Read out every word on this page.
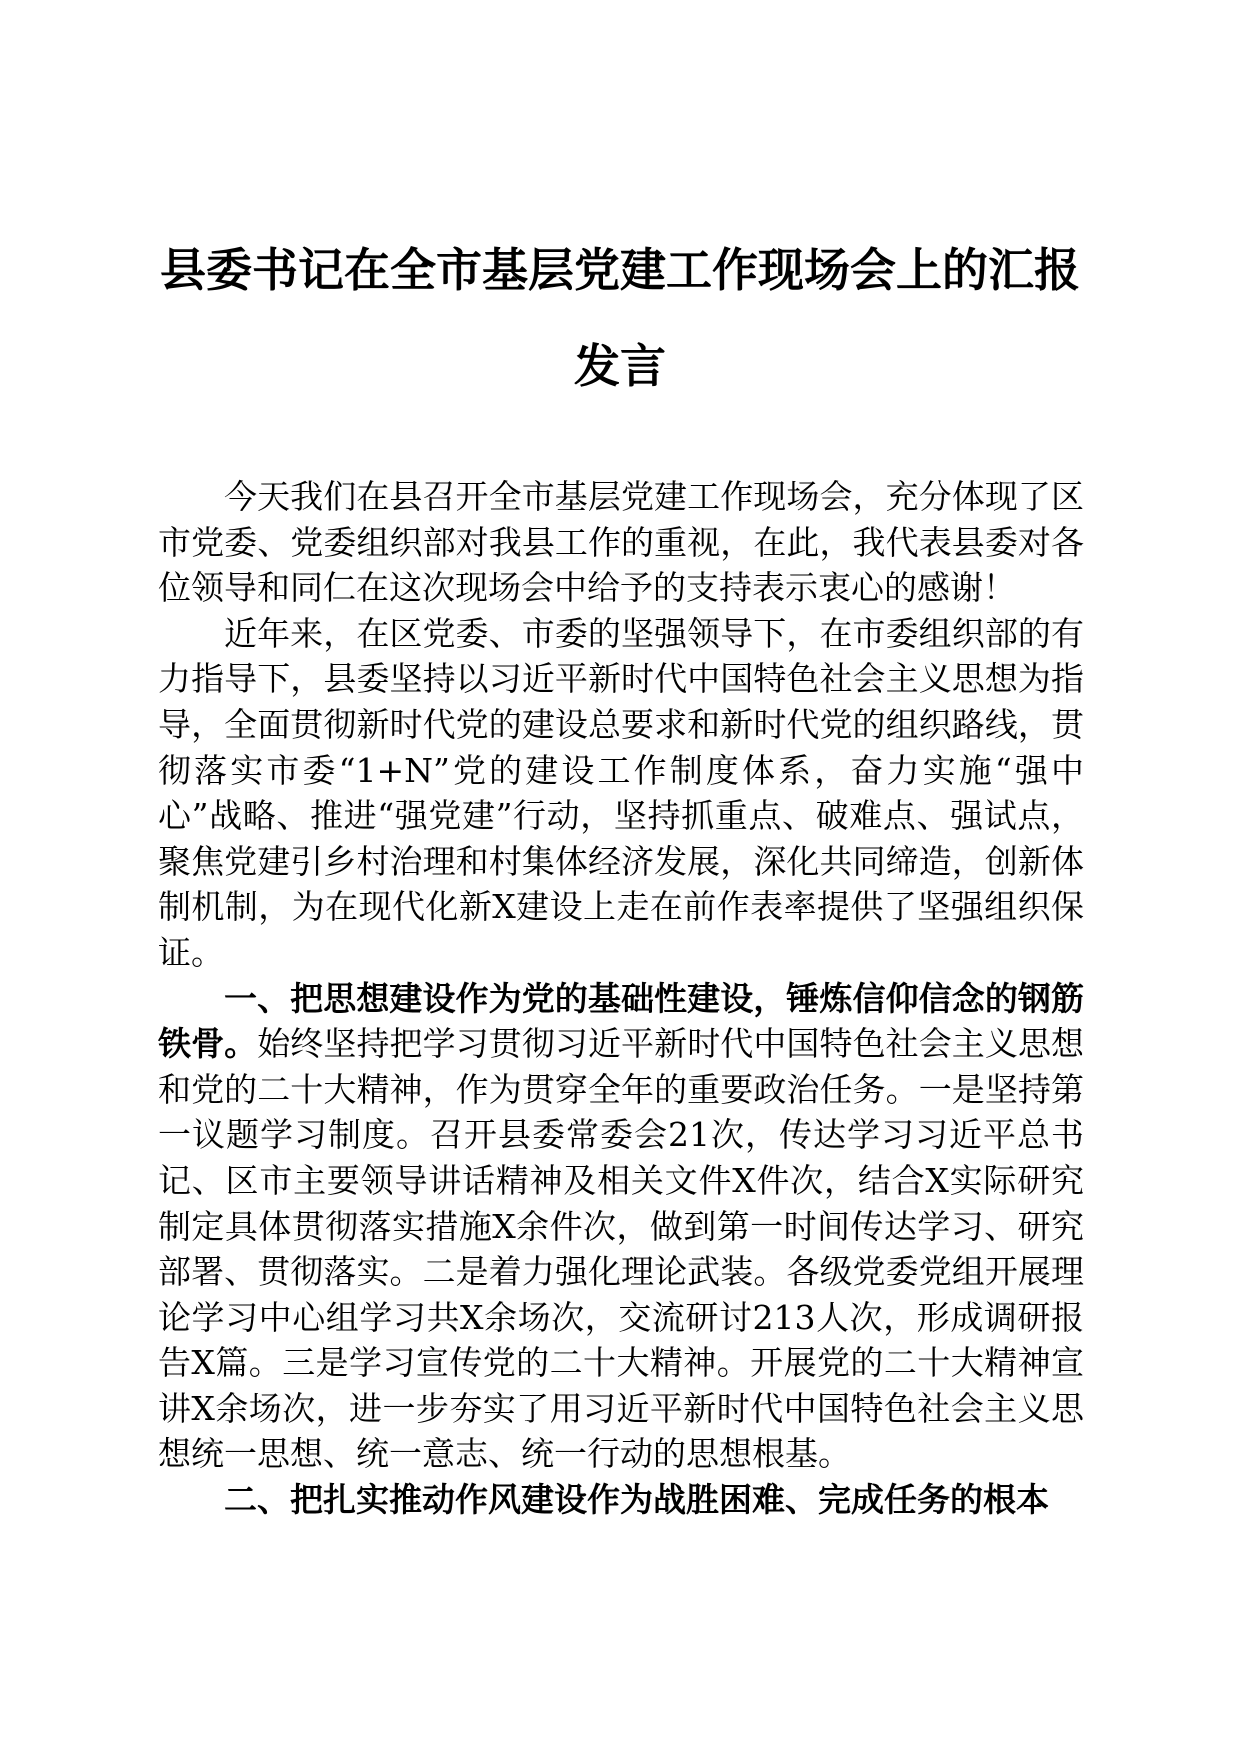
县委书记在全市基层党建工作现场会上的汇报发言

今天我们在县召开全市基层党建工作现场会，充分体现了区市党委、党委组织部对我县工作的重视，在此，我代表县委对各位领导和同仁在这次现场会中给予的支持表示衷心的感谢！

近年来，在区党委、市委的坚强领导下，在市委组织部的有力指导下，县委坚持以习近平新时代中国特色社会主义思想为指导，全面贯彻新时代党的建设总要求和新时代党的组织路线，贯彻落实市委“1+N”党的建设工作制度体系，奋力实施“强中心”战略、推进“强党建”行动，坚持抓重点、破难点、强试点，聚焦党建引乡村治理和村集体经济发展，深化共同缔造，创新体制机制，为在现代化新X建设上走在前作表率提供了坚强组织保证。

一、把思想建设作为党的基础性建设，锤炼信仰信念的钢筋铁骨。始终坚持把学习贯彻习近平新时代中国特色社会主义思想和党的二十大精神，作为贯穿全年的重要政治任务。一是坚持第一议题学习制度。召开县委常委会21次，传达学习习近平总书记、区市主要领导讲话精神及相关文件X件次，结合X实际研究制定具体贯彻落实措施X余件次，做到第一时间传达学习、研究部署、贯彻落实。二是着力强化理论武装。各级党委党组开展理论学习中心组学习共X余场次，交流研讨213人次，形成调研报告X篇。三是学习宣传党的二十大精神。开展党的二十大精神宣讲X余场次，进一步夯实了用习近平新时代中国特色社会主义思想统一思想、统一意志、统一行动的思想根基。

二、把扎实推动作风建设作为战胜困难、完成任务的根本
